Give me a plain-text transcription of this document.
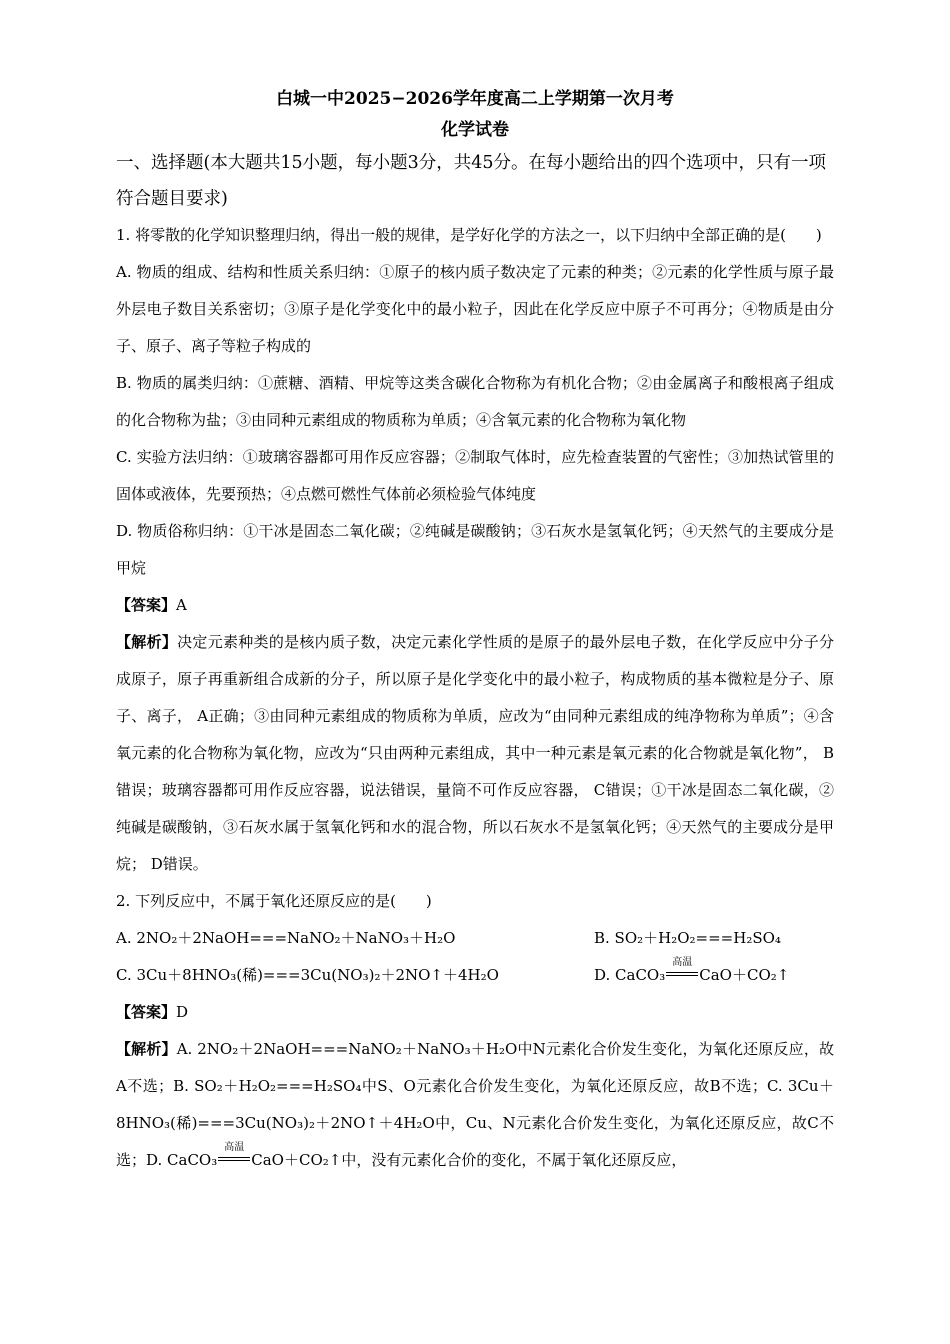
白城一中2025−2026学年度高二上学期第一次月考

化学试卷

一、选择题(本大题共15小题，每小题3分，共45分。在每小题给出的四个选项中，只有一项符合题目要求)

1. 将零散的化学知识整理归纳，得出一般的规律，是学好化学的方法之一，以下归纳中全部正确的是(　　)

A. 物质的组成、结构和性质关系归纳：①原子的核内质子数决定了元素的种类；②元素的化学性质与原子最外层电子数目关系密切；③原子是化学变化中的最小粒子，因此在化学反应中原子不可再分；④物质是由分子、原子、离子等粒子构成的

B. 物质的属类归纳：①蔗糖、酒精、甲烷等这类含碳化合物称为有机化合物；②由金属离子和酸根离子组成的化合物称为盐；③由同种元素组成的物质称为单质；④含氧元素的化合物称为氧化物

C. 实验方法归纳：①玻璃容器都可用作反应容器；②制取气体时，应先检查装置的气密性；③加热试管里的固体或液体，先要预热；④点燃可燃性气体前必须检验气体纯度

D. 物质俗称归纳：①干冰是固态二氧化碳；②纯碱是碳酸钠；③石灰水是氢氧化钙；④天然气的主要成分是甲烷

【答案】A

【解析】决定元素种类的是核内质子数，决定元素化学性质的是原子的最外层电子数，在化学反应中分子分成原子，原子再重新组合成新的分子，所以原子是化学变化中的最小粒子，构成物质的基本微粒是分子、原子、离子， A正确；③由同种元素组成的物质称为单质，应改为“由同种元素组成的纯净物称为单质”；④含氧元素的化合物称为氧化物，应改为“只由两种元素组成，其中一种元素是氧元素的化合物就是氧化物”， B错误；玻璃容器都可用作反应容器，说法错误，量筒不可作反应容器， C错误；①干冰是固态二氧化碳，②纯碱是碳酸钠，③石灰水属于氢氧化钙和水的混合物，所以石灰水不是氢氧化钙；④天然气的主要成分是甲烷； D错误。

2. 下列反应中，不属于氧化还原反应的是(　　)

A. 2NO₂＋2NaOH===NaNO₂＋NaNO₃＋H₂O	B. SO₂＋H₂O₂===H₂SO₄
C. 3Cu＋8HNO₃(稀)===3Cu(NO₃)₂＋2NO↑＋4H₂O	D. CaCO₃
高温
CaO＋CO₂↑

【答案】D

【解析】A. 2NO₂＋2NaOH===NaNO₂＋NaNO₃＋H₂O中N元素化合价发生变化，为氧化还原反应，故A不选；B. SO₂＋H₂O₂===H₂SO₄中S、O元素化合价发生变化，为氧化还原反应，故B不选；C. 3Cu＋8HNO₃(稀)===3Cu(NO₃)₂＋2NO↑＋4H₂O中，Cu、N元素化合价发生变化，为氧化还原反应，故C不选；D. CaCO₃
高温
CaO＋CO₂↑中，没有元素化合价的变化，不属于氧化还原反应，
